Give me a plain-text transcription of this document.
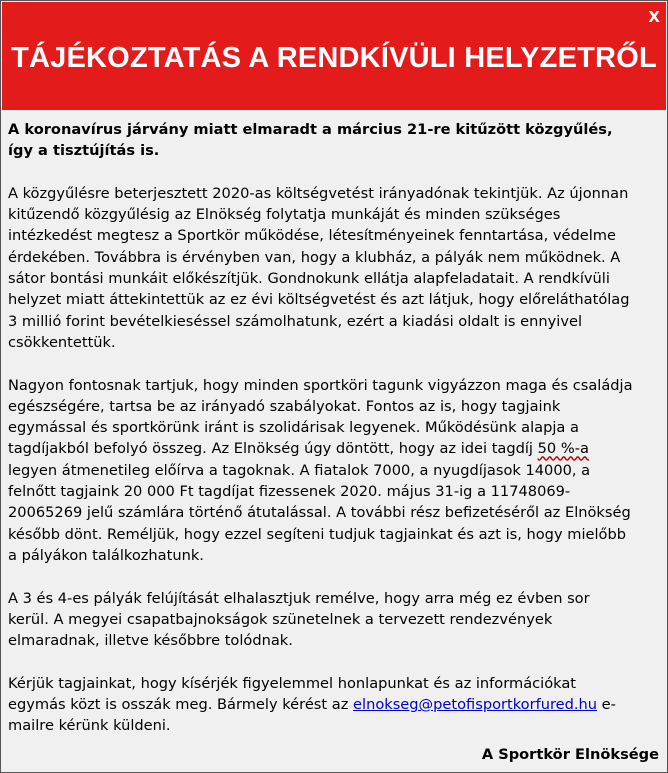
X
TÁJÉKOZTATÁS A RENDKÍVÜLI HELYZETRŐL

A koronavírus járvány miatt elmaradt a március 21-re kitűzött közgyűlés,
így a tisztújítás is.

A közgyűlésre beterjesztett 2020-as költségvetést irányadónak tekintjük. Az újonnan
kitűzendő közgyűlésig az Elnökség folytatja munkáját és minden szükséges
intézkedést megtesz a Sportkör működése, létesítményeinek fenntartása, védelme
érdekében. Továbbra is érvényben van, hogy a klubház, a pályák nem működnek. A
sátor bontási munkáit előkészítjük. Gondnokunk ellátja alapfeladatait. A rendkívüli
helyzet miatt áttekintettük az ez évi költségvetést és azt látjuk, hogy előreláthatólag
3 millió forint bevételkieséssel számolhatunk, ezért a kiadási oldalt is ennyivel
csökkentettük.

Nagyon fontosnak tartjuk, hogy minden sportköri tagunk vigyázzon maga és családja
egészségére, tartsa be az irányadó szabályokat. Fontos az is, hogy tagjaink
egymással és sportkörünk iránt is szolidárisak legyenek. Működésünk alapja a
tagdíjakból befolyó összeg. Az Elnökség úgy döntött, hogy az idei tagdíj 50 %-a
legyen átmenetileg előírva a tagoknak. A fiatalok 7000, a nyugdíjasok 14000, a
felnőtt tagjaink 20 000 Ft tagdíjat fizessenek 2020. május 31-ig a 11748069-
20065269 jelű számlára történő átutalással. A további rész befizetéséről az Elnökség
később dönt. Reméljük, hogy ezzel segíteni tudjuk tagjainkat és azt is, hogy mielőbb
a pályákon találkozhatunk.

A 3 és 4-es pályák felújítását elhalasztjuk remélve, hogy arra még ez évben sor
kerül. A megyei csapatbajnokságok szünetelnek a tervezett rendezvények
elmaradnak, illetve későbbre tolódnak.

Kérjük tagjainkat, hogy kísérjék figyelemmel honlapunkat és az információkat
egymás közt is osszák meg. Bármely kérést az elnokseg@petofisportkorfured.hu e-
mailre kérünk küldeni.

A Sportkör Elnöksége
